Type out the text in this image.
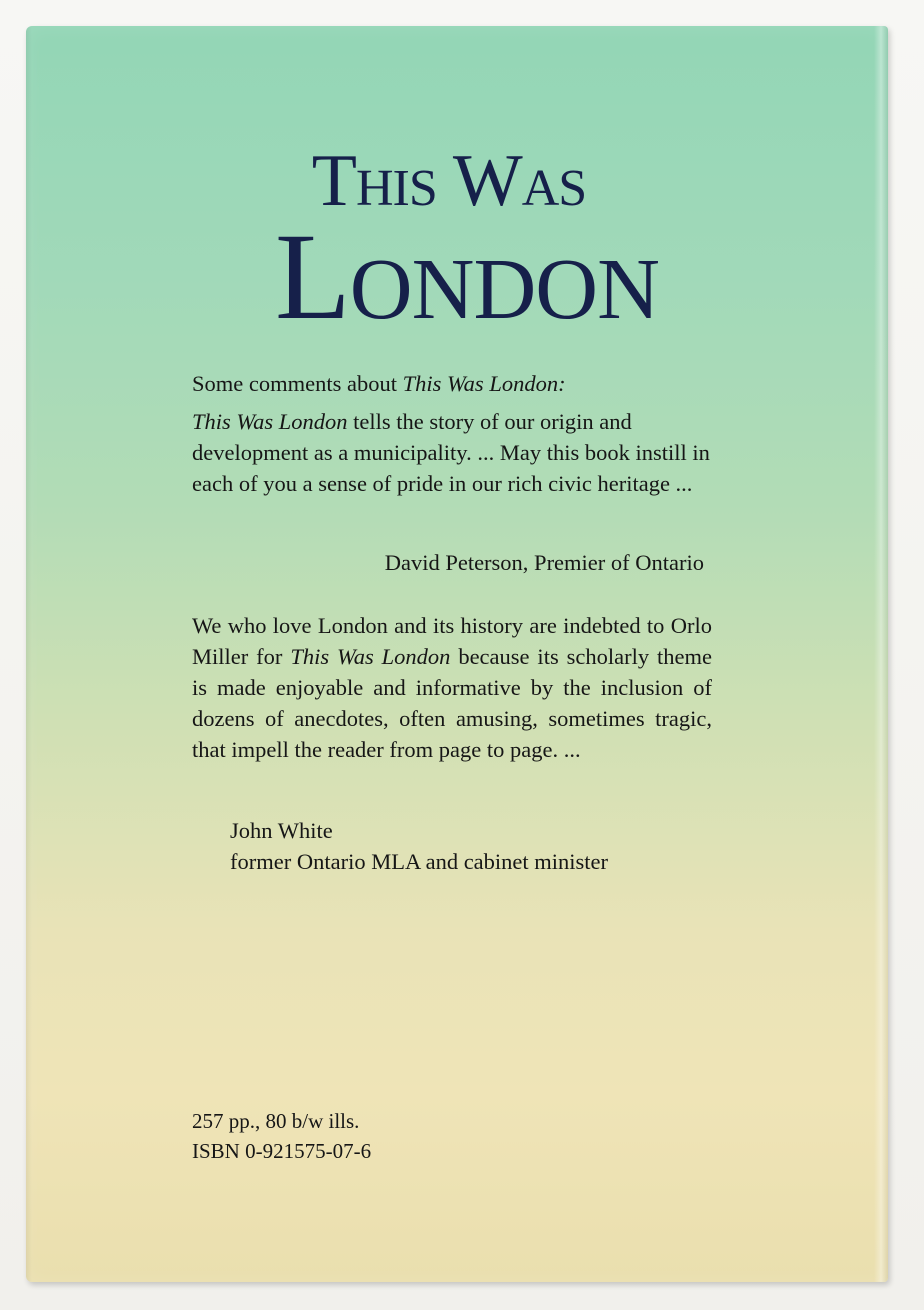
This Was
London

Some comments about This Was London:

This Was London tells the story of our origin and development as a municipality. ... May this book instill in each of you a sense of pride in our rich civic heritage ...

David Peterson, Premier of Ontario

We who love London and its history are indebted to Orlo Miller for This Was London because its scholarly theme is made enjoyable and informative by the inclusion of dozens of anecdotes, often amusing, sometimes tragic, that impell the reader from page to page. ...

John White
former Ontario MLA and cabinet minister

257 pp., 80 b/w ills.
ISBN 0-921575-07-6
